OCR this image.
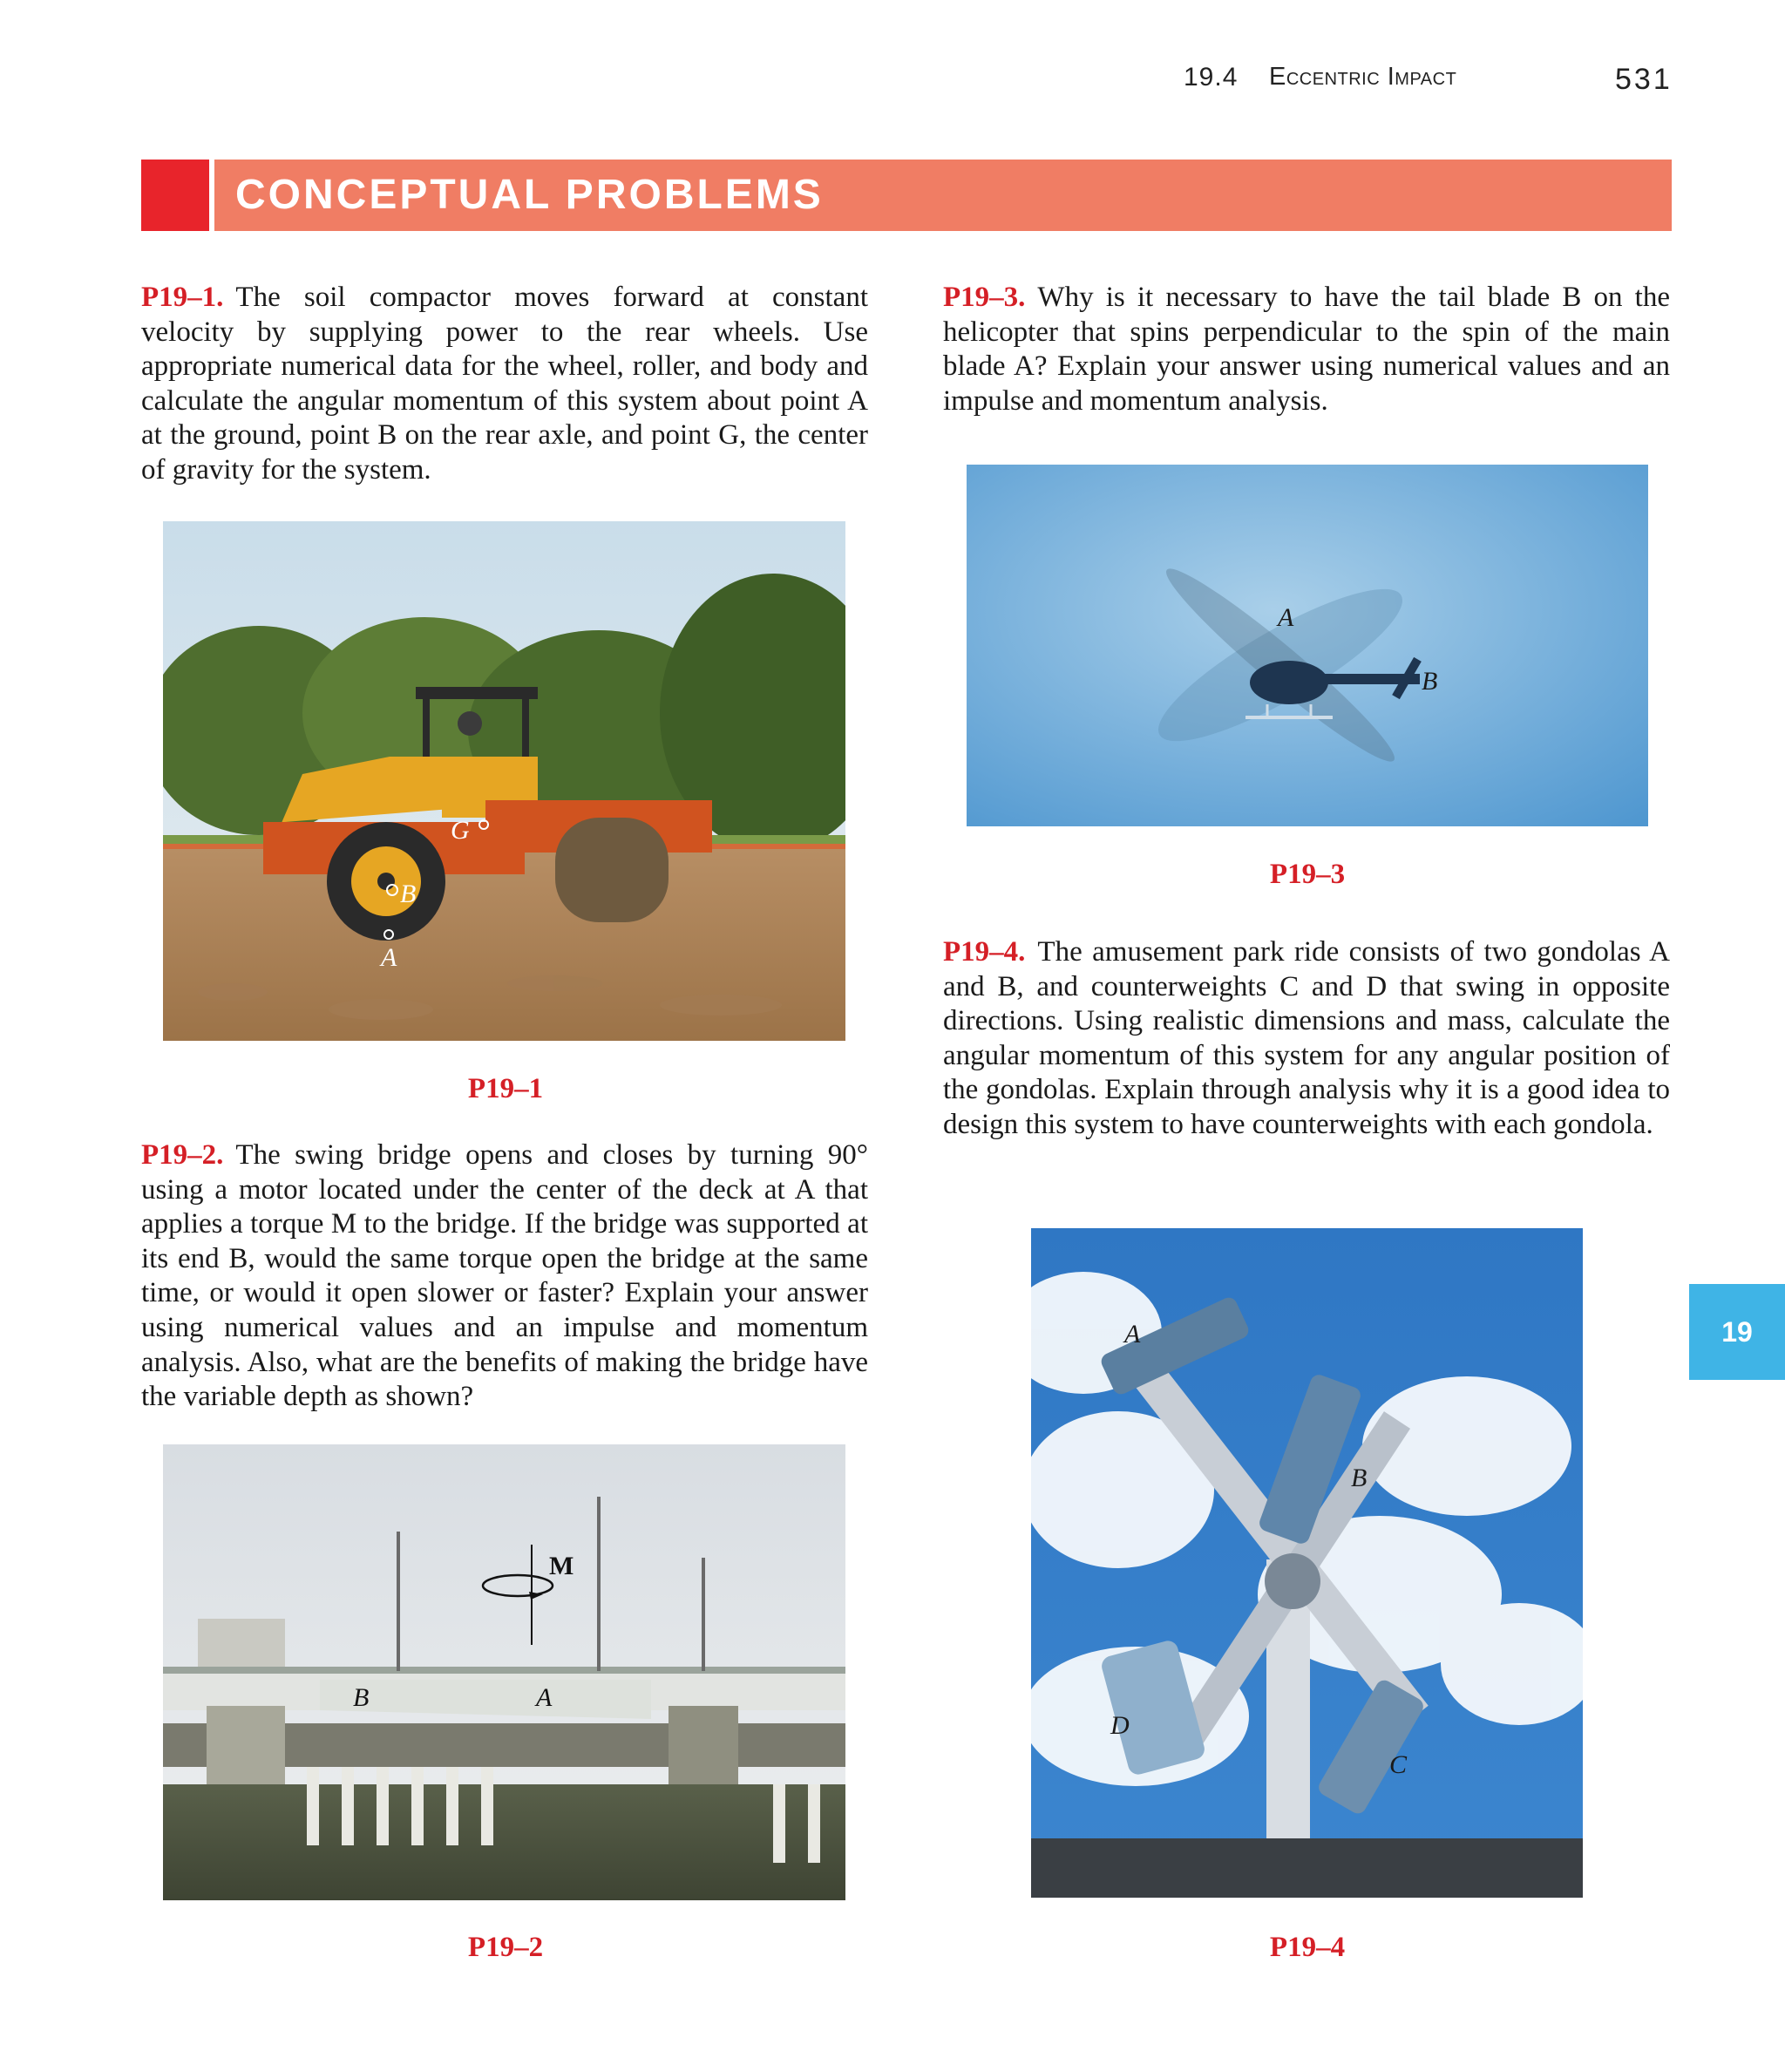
19.4 Eccentric Impact	531
CONCEPTUAL PROBLEMS
P19–1. The soil compactor moves forward at constant velocity by supplying power to the rear wheels. Use appropriate numerical data for the wheel, roller, and body and calculate the angular momentum of this system about point A at the ground, point B on the rear axle, and point G, the center of gravity for the system.
G
B
A
P19–1
P19–2. The swing bridge opens and closes by turning 90° using a motor located under the center of the deck at A that applies a torque M to the bridge. If the bridge was supported at its end B, would the same torque open the bridge at the same time, or would it open slower or faster? Explain your answer using numerical values and an impulse and momentum analysis. Also, what are the benefits of making the bridge have the variable depth as shown?
M
B	A
P19–2
P19–3. Why is it necessary to have the tail blade B on the helicopter that spins perpendicular to the spin of the main blade A? Explain your answer using numerical values and an impulse and momentum analysis.
A
B
P19–3
P19–4. The amusement park ride consists of two gondolas A and B, and counterweights C and D that swing in opposite directions. Using realistic dimensions and mass, calculate the angular momentum of this system for any angular position of the gondolas. Explain through analysis why it is a good idea to design this system to have counterweights with each gondola.
A
B
D
C
P19–4
19
